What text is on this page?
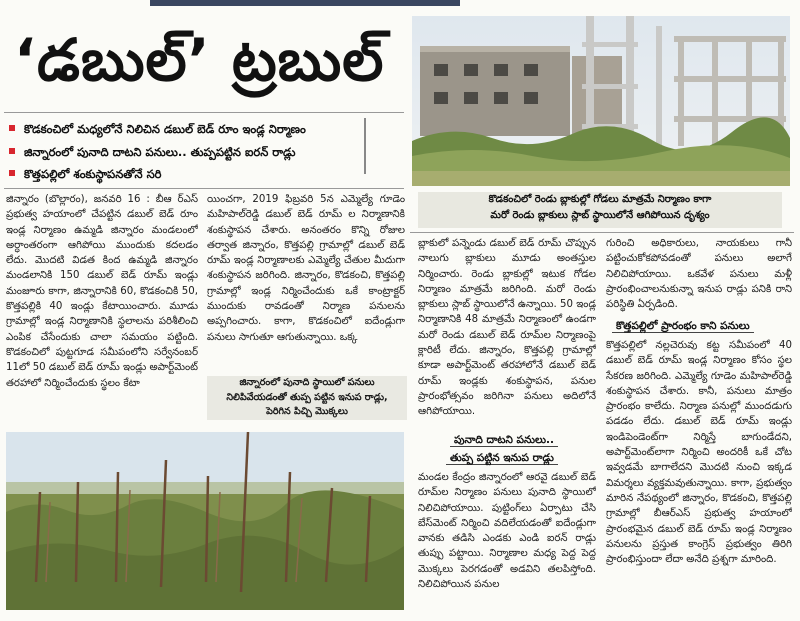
‘డబుల్’ ట్రబుల్
కొడకంచిలో మధ్యలోనే నిలిచిన డబుల్ బెడ్ రూం ఇండ్ల నిర్మాణం
జిన్నారంలో పునాది దాటని పనులు.. తుప్పపట్టిన ఐరన్ రాడ్లు
కొత్తపల్లిలో శంకుస్థాపనతోనే సరి
కొడకంచిలో రెండు బ్లాకుల్లో గోడలు మాత్రమే నిర్మాణం కాగా
మరో రెండు బ్లాకులు స్లాబ్ స్థాయిలోనే ఆగిపోయిన దృశ్యం

జిన్నారం (బొల్లారం), జనవరి 16 : బీఆ ర్ఎస్ ప్రభుత్వ హయాంలో చేపట్టిన డబుల్ బెడ్ రూం ఇండ్ల నిర్మాణం ఉమ్మడి జిన్నారం మండలంలో అర్ధాంతరంగా ఆగిపోయి ముందుకు కదలడం లేదు. మొదటి విడత కింద ఉమ్మడి జిన్నారం మండలానికి 150 డబుల్ బెడ్ రూమ్ ఇండ్లు మంజూరు కాగా, జిన్నారానికి 60, కొడకంచికి 50, కొత్తపల్లికి 40 ఇండ్లు కేటాయించారు. మూడు గ్రామాల్లో ఇండ్ల నిర్మాణానికి స్థలాలను పరిశీలించి ఎంపిక చేసేందుకు చాలా సమయం పట్టింది. కొడకంచిలో పుట్టగూడ సమీపంలోని సర్వేనంబర్ 11లో 50 డబుల్ బెడ్ రూమ్ ఇండ్లు అపార్ట్‌మెంట్ తరహాలో నిర్మించేందుకు స్థలం కేటా

యించగా, 2019 ఫిబ్రవరి 5న ఎమ్మెల్యే గూడెం మహిపాల్‌రెడ్డి డబుల్ బెడ్ రూమ్ ల నిర్మాణానికి శంకుస్థాపన చేశారు. అనంతరం కొన్ని రోజుల తర్వాత జిన్నారం, కొత్తపల్లి గ్రామాల్లో డబుల్ బెడ్ రూమ్ ఇండ్ల నిర్మాణాలకు ఎమ్మెల్యే చేతుల మీదుగా శంకుస్థాపన జరిగింది. జిన్నారం, కొడకంచి, కొత్తపల్లి గ్రామాల్లో ఇండ్ల నిర్మించేందుకు ఒకే కాంట్రాక్టర్ ముందుకు రావడంతో నిర్మాణ పనులను అప్పగించారు. కాగా, కొడకంచిలో ఐదేండ్లుగా పనులు సాగుతూ ఆగుతున్నాయి. ఒక్క

జిన్నారంలో పునాది స్థాయిలో పనులు
నిలిపివేయడంతో తుప్ప పట్టిన ఇనుప రాడ్లు,
పెరిగిన పిచ్చి మొక్కలు

బ్లాకులో పన్నెండు డబుల్ బెడ్ రూమ్ చొప్పున నాలుగు బ్లాకులు మూడు అంతస్తుల నిర్మించారు. రెండు బ్లాకుల్లో ఇటుక గోడల నిర్మాణం మాత్రమే జరిగింది. మరో రెండు బ్లాకులు స్లాబ్ స్థాయిలోనే ఉన్నాయి. 50 ఇండ్ల నిర్మాణానికి 48 మాత్రమే నిర్మాణంలో ఉండగా మరో రెండు డబుల్ బెడ్ రూమ్‌ల నిర్మాణంపై క్లారిటీ లేదు. జిన్నారం, కొత్తపల్లి గ్రామాల్లో కూడా అపార్ట్‌మెంట్ తరహాలోనే డబుల్ బెడ్ రూమ్ ఇండ్లకు శంకుస్థాపన, పనుల ప్రారంభోత్సవం జరిగినా పనులు అదిలోనే ఆగిపోయాయి.

పునాది దాటని పనులు..
తుప్ప పట్టిన ఇనుప రాడ్లు

మండల కేంద్రం జిన్నారంలో ఆరవై డబుల్ బెడ్ రూమ్‌ల నిర్మాణం పనులు పునాది స్థాయిలో నిలిచిపోయాయి. పుట్టింగ్‌లు ఏర్పాటు చేసి బేస్‌మెంట్ నిర్మించి వదిలేయడంతో ఐదేండ్లుగా వానకు తడిసి ఎండకు ఎండి ఐరన్ రాడ్లు తుప్పు పట్టాయి. నిర్మాణాల మధ్య పెద్ద పెద్ద మొక్కలు పెరగడంతో అడవిని తలపిస్తోంది. నిలిచిపోయిన పనుల

గురించి అధికారులు, నాయకులు గానీ పట్టించుకోకపోవడంతో పనులు అలాగే నిలిచిపోయాయి. ఒకవేళ పనులు మళ్లీ ప్రారంభించాలనుకున్నా ఇనుప రాడ్లు పనికి రాని పరిస్థితి ఏర్పడింది.

కొత్తపల్లిలో ప్రారంభం కాని పనులు

కొత్తపల్లిలో నల్లచెరువు కట్ట సమీపంలో 40 డబుల్ బెడ్ రూమ్ ఇండ్ల నిర్మాణం కోసం స్థల సేకరణ జరిగింది. ఎమ్మెల్యే గూడెం మహిపాల్‌రెడ్డి శంకుస్థాపన చేశారు. కానీ, పనులు మాత్రం ప్రారంభం కాలేదు. నిర్మాణ పనుల్లో ముందడుగు పడడం లేదు. డబుల్ బెడ్ రూమ్ ఇండ్లు ఇండిపెండెంట్‌గా నిర్మిస్తే బాగుండేదని, అపార్ట్‌మెంట్‌లాగా నిర్మించి అందరికీ ఒకే చోట ఇవ్వడమే బాగాలేదని మొదటి నుంచి ఇక్కడ విమర్శలు వ్యక్తమవుతున్నాయి. కాగా, ప్రభుత్వం మారిన నేపథ్యంలో జిన్నారం, కొడకంచి, కొత్తపల్లి గ్రామాల్లో బీఆర్ఎస్ ప్రభుత్వ హయాంలో ప్రారంభమైన డబుల్ బెడ్ రూమ్ ఇండ్ల నిర్మాణం పనులను ప్రస్తుత కాంగ్రెస్ ప్రభుత్వం తిరిగి ప్రారంభిస్తుందా లేదా అనేది ప్రశ్నగా మారింది.
